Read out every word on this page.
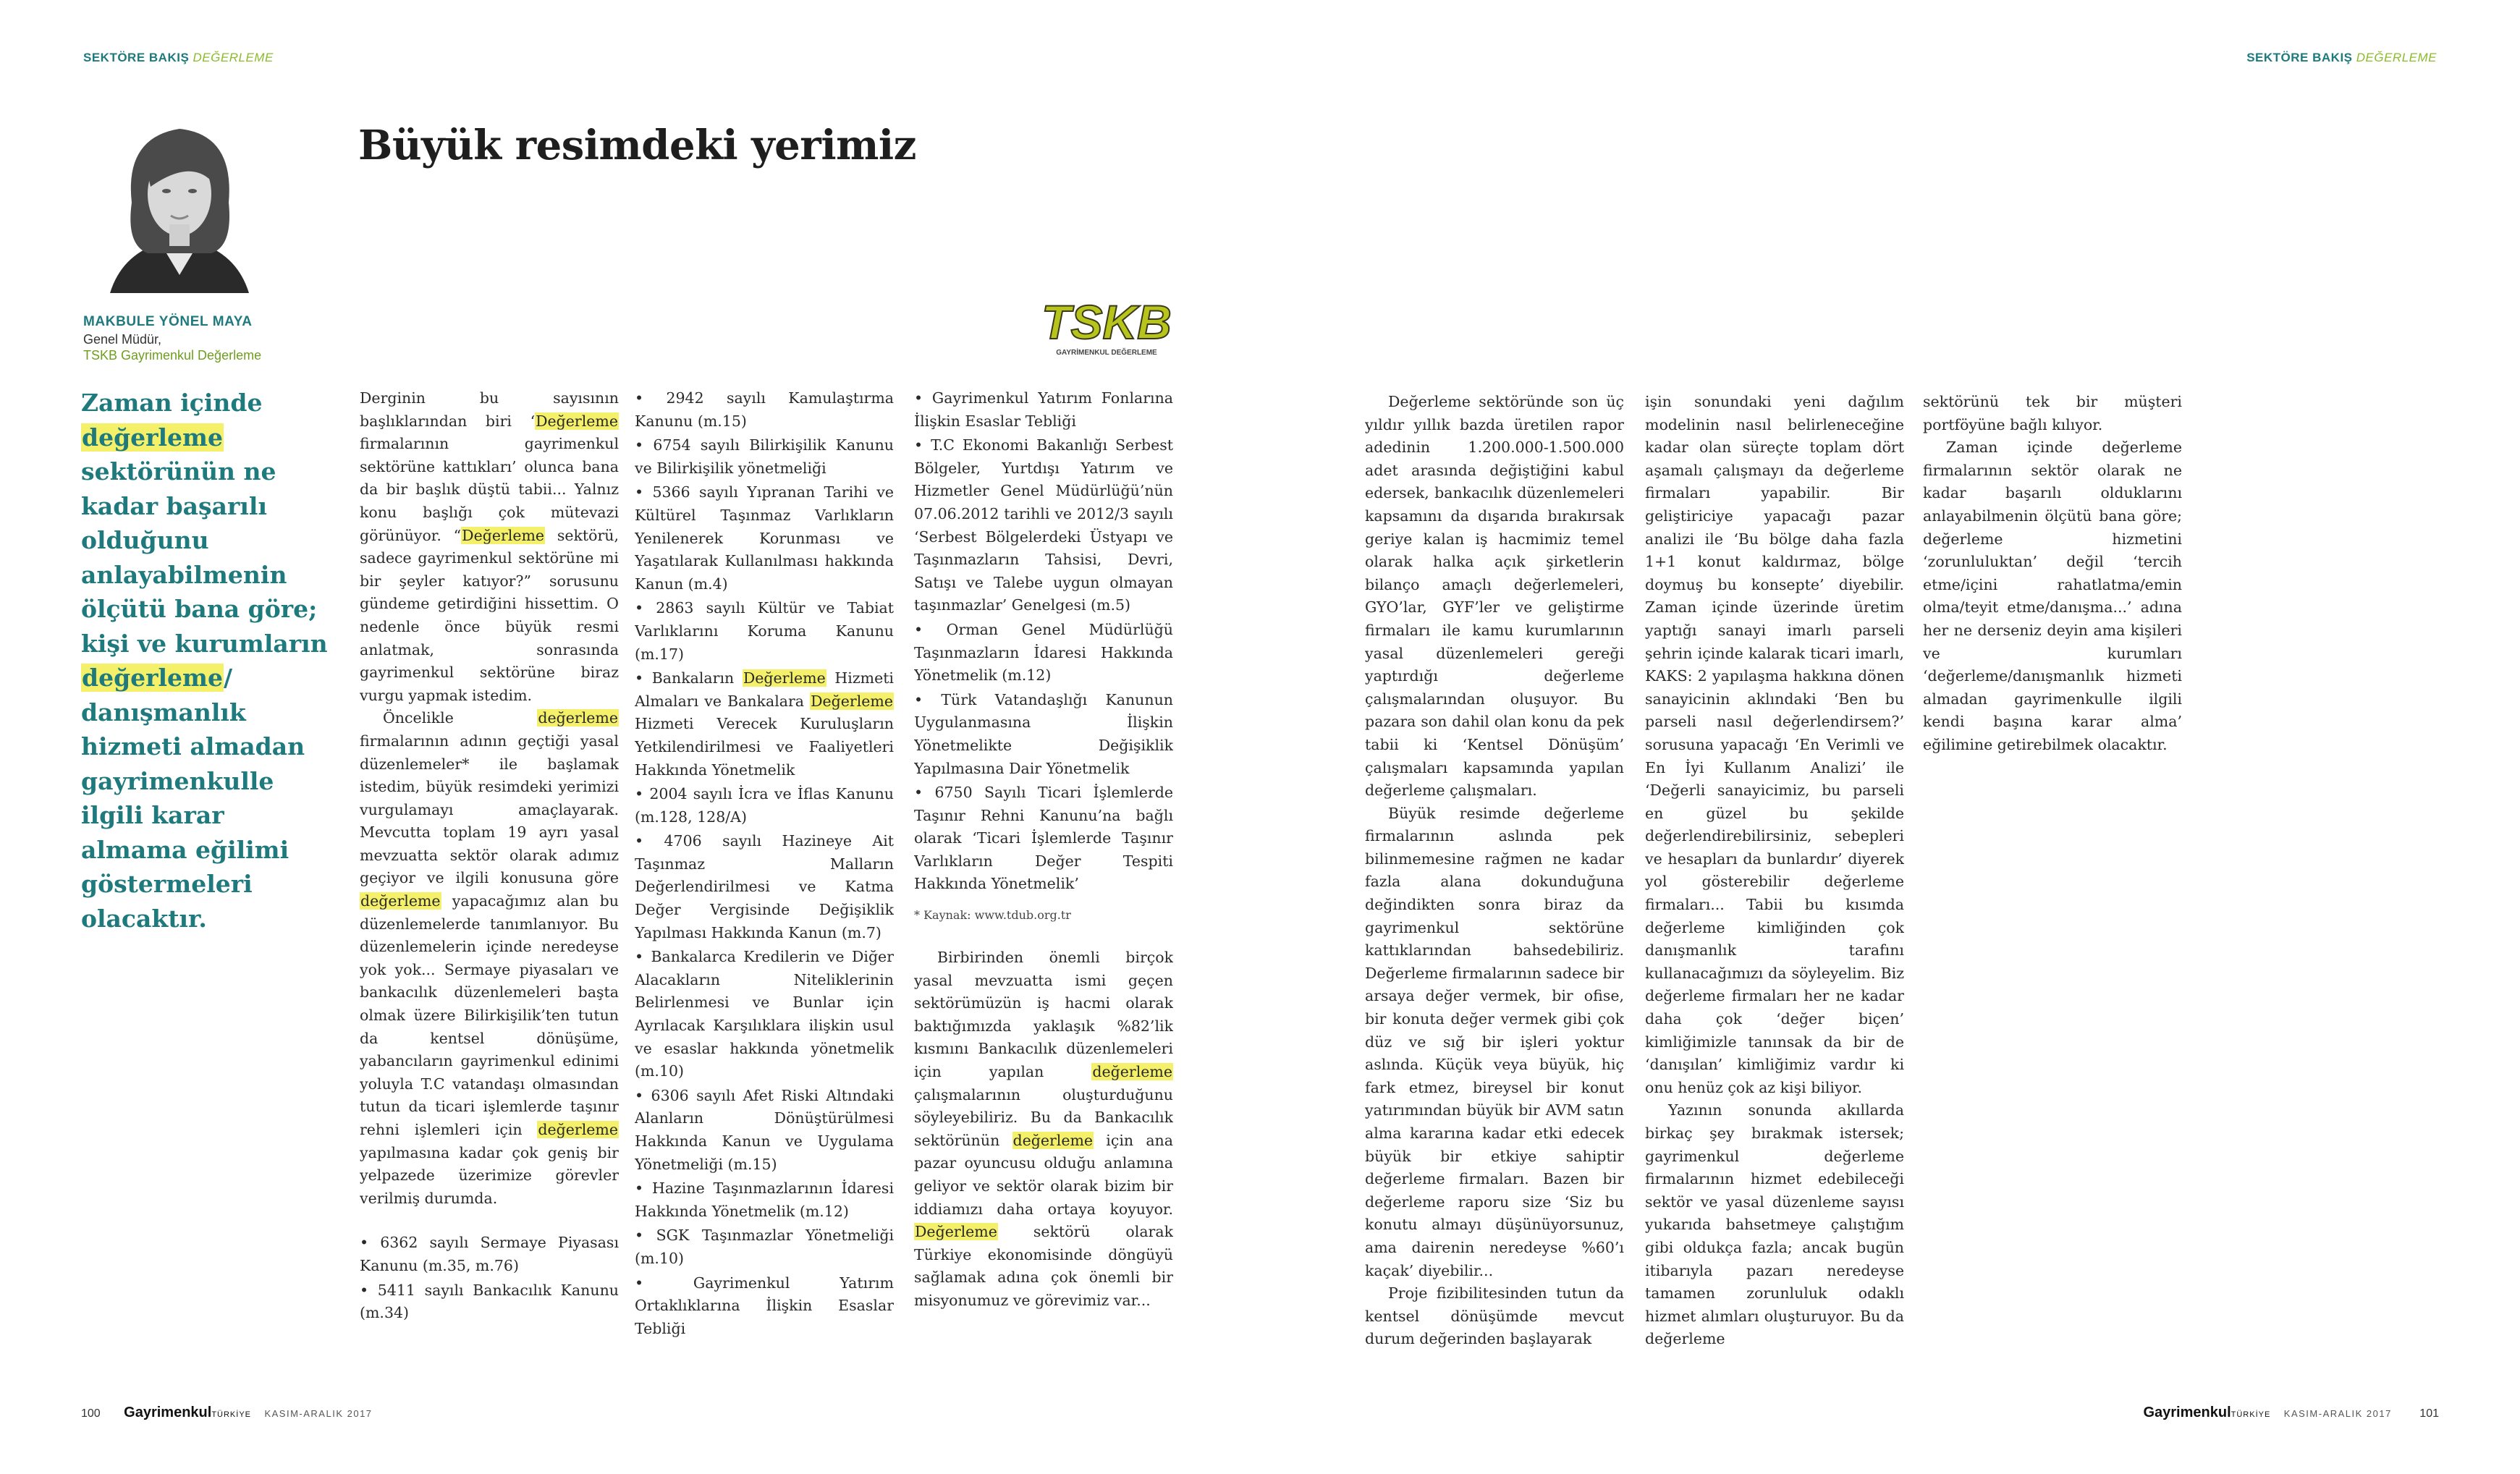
SEKTÖRE BAKIŞ DEĞERLEME	SEKTÖRE BAKIŞ DEĞERLEME
Büyük resimdeki yerimiz
MAKBULE YÖNEL MAYA
Genel Müdür,
TSKB Gayrimenkul Değerleme

Zaman içinde değerleme sektörünün ne kadar başarılı olduğunu anlayabilmenin ölçütü bana göre; kişi ve kurumların değerleme/ danışmanlık hizmeti almadan gayrimenkulle ilgili karar almama eğilimi göstermeleri olacaktır.

TSKB
GAYRİMENKUL DEĞERLEME

Derginin bu sayısının başlıklarından biri ‘Değerleme firmalarının gayrimenkul sektörüne kattıkları’ olunca bana da bir başlık düştü tabii... Yalnız konu başlığı çok mütevazi görünüyor. “Değerleme sektörü, sadece gayrimenkul sektörüne mi bir şeyler katıyor?” sorusunu gündeme getirdiğini hissettim. O nedenle önce büyük resmi anlatmak, sonrasında gayrimenkul sektörüne biraz vurgu yapmak istedim.

Öncelikle değerleme firmalarının adının geçtiği yasal düzenlemeler* ile başlamak istedim, büyük resimdeki yerimizi vurgulamayı amaçlayarak. Mevcutta toplam 19 ayrı yasal mevzuatta sektör olarak adımız geçiyor ve ilgili konusuna göre değerleme yapacağımız alan bu düzenlemelerde tanımlanıyor. Bu düzenlemelerin içinde neredeyse yok yok... Sermaye piyasaları ve bankacılık düzenlemeleri başta olmak üzere Bilirkişilik’ten tutun da kentsel dönüşüme, yabancıların gayrimenkul edinimi yoluyla T.C vatandaşı olmasından tutun da ticari işlemlerde taşınır rehni işlemleri için değerleme yapılmasına kadar çok geniş bir yelpazede üzerimize görevler verilmiş durumda.

• 6362 sayılı Sermaye Piyasası Kanunu (m.35, m.76)

• 5411 sayılı Bankacılık Kanunu (m.34)

• 2942 sayılı Kamulaştırma Kanunu (m.15)

• 6754 sayılı Bilirkişilik Kanunu ve Bilirkişilik yönetmeliği

• 5366 sayılı Yıpranan Tarihi ve Kültürel Taşınmaz Varlıkların Yenilenerek Korunması ve Yaşatılarak Kullanılması hakkında Kanun (m.4)

• 2863 sayılı Kültür ve Tabiat Varlıklarını Koruma Kanunu (m.17)

• Bankaların Değerleme Hizmeti Almaları ve Bankalara Değerleme Hizmeti Verecek Kuruluşların Yetkilendirilmesi ve Faaliyetleri Hakkında Yönetmelik

• 2004 sayılı İcra ve İflas Kanunu (m.128, 128/A)

• 4706 sayılı Hazineye Ait Taşınmaz Malların Değerlendirilmesi ve Katma Değer Vergisinde Değişiklik Yapılması Hakkında Kanun (m.7)

• Bankalarca Kredilerin ve Diğer Alacakların Niteliklerinin Belirlenmesi ve Bunlar için Ayrılacak Karşılıklara ilişkin usul ve esaslar hakkında yönetmelik (m.10)

• 6306 sayılı Afet Riski Altındaki Alanların Dönüştürülmesi Hakkında Kanun ve Uygulama Yönetmeliği (m.15)

• Hazine Taşınmazlarının İdaresi Hakkında Yönetmelik (m.12)

• SGK Taşınmazlar Yönetmeliği (m.10)

• Gayrimenkul Yatırım Ortaklıklarına İlişkin Esaslar Tebliği

• Gayrimenkul Yatırım Fonlarına İlişkin Esaslar Tebliği

• T.C Ekonomi Bakanlığı Serbest Bölgeler, Yurtdışı Yatırım ve Hizmetler Genel Müdürlüğü’nün 07.06.2012 tarihli ve 2012/3 sayılı ‘Serbest Bölgelerdeki Üstyapı ve Taşınmazların Tahsisi, Devri, Satışı ve Talebe uygun olmayan taşınmazlar’ Genelgesi (m.5)

• Orman Genel Müdürlüğü Taşınmazların İdaresi Hakkında Yönetmelik (m.12)

• Türk Vatandaşlığı Kanunun Uygulanmasına İlişkin Yönetmelikte Değişiklik Yapılmasına Dair Yönetmelik

• 6750 Sayılı Ticari İşlemlerde Taşınır Rehni Kanunu’na bağlı olarak ‘Ticari İşlemlerde Taşınır Varlıkların Değer Tespiti Hakkında Yönetmelik’

* Kaynak: www.tdub.org.tr

Birbirinden önemli birçok yasal mevzuatta ismi geçen sektörümüzün iş hacmi olarak baktığımızda yaklaşık %82’lik kısmını Bankacılık düzenlemeleri için yapılan değerleme çalışmalarının oluşturduğunu söyleyebiliriz. Bu da Bankacılık sektörünün değerleme için ana pazar oyuncusu olduğu anlamına geliyor ve sektör olarak bizim bir iddiamızı daha ortaya koyuyor. Değerleme sektörü olarak Türkiye ekonomisinde döngüyü sağlamak adına çok önemli bir misyonumuz ve görevimiz var...

Değerleme sektöründe son üç yıldır yıllık bazda üretilen rapor adedinin 1.200.000-1.500.000 adet arasında değiştiğini kabul edersek, bankacılık düzenlemeleri kapsamını da dışarıda bırakırsak geriye kalan iş hacmimiz temel olarak halka açık şirketlerin bilanço amaçlı değerlemeleri, GYO’lar, GYF’ler ve geliştirme firmaları ile kamu kurumlarının yasal düzenlemeleri gereği yaptırdığı değerleme çalışmalarından oluşuyor. Bu pazara son dahil olan konu da pek tabii ki ‘Kentsel Dönüşüm’ çalışmaları kapsamında yapılan değerleme çalışmaları.

Büyük resimde değerleme firmalarının aslında pek bilinmemesine rağmen ne kadar fazla alana dokunduğuna değindikten sonra biraz da gayrimenkul sektörüne kattıklarından bahsedebiliriz. Değerleme firmalarının sadece bir arsaya değer vermek, bir ofise, bir konuta değer vermek gibi çok düz ve sığ bir işleri yoktur aslında. Küçük veya büyük, hiç fark etmez, bireysel bir konut yatırımından büyük bir AVM satın alma kararına kadar etki edecek büyük bir etkiye sahiptir değerleme firmaları. Bazen bir değerleme raporu size ‘Siz bu konutu almayı düşünüyorsunuz, ama dairenin neredeyse %60’ı kaçak’ diyebilir...

Proje fizibilitesinden tutun da kentsel dönüşümde mevcut durum değerinden başlayarak

işin sonundaki yeni dağılım modelinin nasıl belirleneceğine kadar olan süreçte toplam dört aşamalı çalışmayı da değerleme firmaları yapabilir. Bir geliştiriciye yapacağı pazar analizi ile ‘Bu bölge daha fazla 1+1 konut kaldırmaz, bölge doymuş bu konsepte’ diyebilir. Zaman içinde üzerinde üretim yaptığı sanayi imarlı parseli şehrin içinde kalarak ticari imarlı, KAKS: 2 yapılaşma hakkına dönen sanayicinin aklındaki ‘Ben bu parseli nasıl değerlendirsem?’ sorusuna yapacağı ‘En Verimli ve En İyi Kullanım Analizi’ ile ‘Değerli sanayicimiz, bu parseli en güzel bu şekilde değerlendirebilirsiniz, sebepleri ve hesapları da bunlardır’ diyerek yol gösterebilir değerleme firmaları... Tabii bu kısımda değerleme kimliğinden çok danışmanlık tarafını kullanacağımızı da söyleyelim. Biz değerleme firmaları her ne kadar daha çok ‘değer biçen’ kimliğimizle tanınsak da bir de ‘danışılan’ kimliğimiz vardır ki onu henüz çok az kişi biliyor.

Yazının sonunda akıllarda birkaç şey bırakmak istersek; gayrimenkul değerleme firmalarının hizmet edebileceği sektör ve yasal düzenleme sayısı yukarıda bahsetmeye çalıştığım gibi oldukça fazla; ancak bugün itibarıyla pazarı neredeyse tamamen zorunluluk odaklı hizmet alımları oluşturuyor. Bu da değerleme

sektörünü tek bir müşteri portföyüne bağlı kılıyor.

Zaman içinde değerleme firmalarının sektör olarak ne kadar başarılı olduklarını anlayabilmenin ölçütü bana göre; değerleme hizmetini ‘zorunluluktan’ değil ‘tercih etme/içini rahatlatma/emin olma/teyit etme/danışma...’ adına her ne derseniz deyin ama kişileri ve kurumları ‘değerleme/danışmanlık hizmeti almadan gayrimenkulle ilgili kendi başına karar alma’ eğilimine getirebilmek olacaktır.

100 GayrimenkulTÜRKİYE KASIM-ARALIK 2017	GayrimenkulTÜRKİYE KASIM-ARALIK 2017 101
